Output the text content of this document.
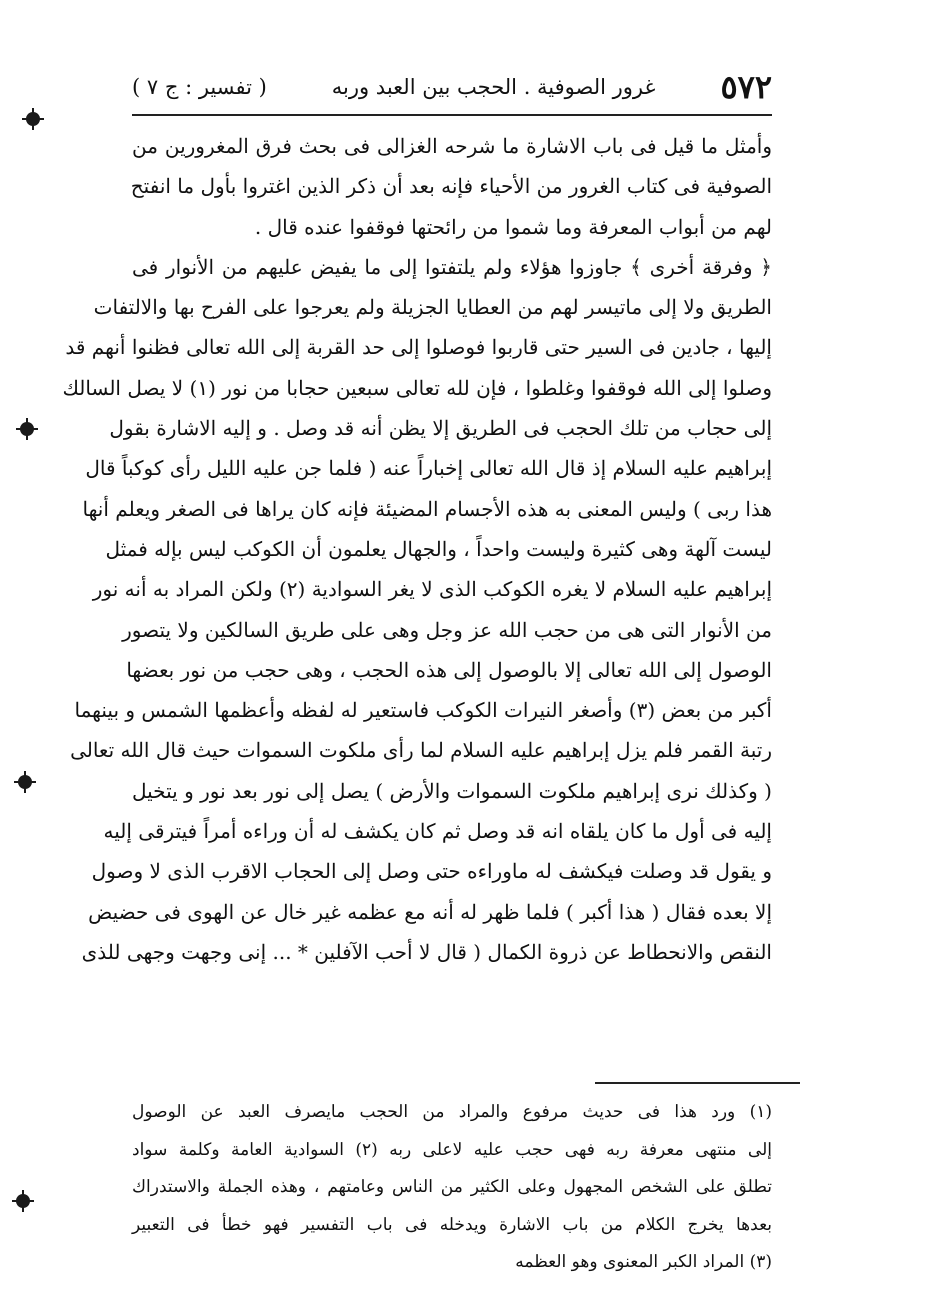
٥٧٢
غرور الصوفية . الحجب بين العبد وربه
( تفسير : ج ٧ )
وأمثل ما قيل فى باب الاشارة ما شرحه الغزالى فى بحث فرق المغرورين من
الصوفية فى كتاب الغرور من الأحياء فإنه بعد أن ذكر الذين اغتروا بأول ما انفتح
لهم من أبواب المعرفة وما شموا من رائحتها فوقفوا عنده قال .
﴿ وفرقة أخرى ﴾ جاوزوا هؤلاء ولم يلتفتوا إلى ما يفيض عليهم من الأنوار فى
الطريق ولا إلى ماتيسر لهم من العطايا الجزيلة ولم يعرجوا على الفرح بها والالتفات
إليها ، جادين فى السير حتى قاربوا فوصلوا إلى حد القربة إلى الله تعالى فظنوا أنهم قد
وصلوا إلى الله فوقفوا وغلطوا ، فإن لله تعالى سبعين حجابا من نور (١) لا يصل السالك
إلى حجاب من تلك الحجب فى الطريق إلا يظن أنه قد وصل . و إليه الاشارة بقول
إبراهيم عليه السلام إذ قال الله تعالى إخباراً عنه ( فلما جن عليه الليل رأى كوكباً قال
هذا ربى ) وليس المعنى به هذه الأجسام المضيئة فإنه كان يراها فى الصغر ويعلم أنها
ليست آلهة وهى كثيرة وليست واحداً ، والجهال يعلمون أن الكوكب ليس بإله فمثل
إبراهيم عليه السلام لا يغره الكوكب الذى لا يغر السوادية (٢) ولكن المراد به أنه نور
من الأنوار التى هى من حجب الله عز وجل وهى على طريق السالكين ولا يتصور
الوصول إلى الله تعالى إلا بالوصول إلى هذه الحجب ، وهى حجب من نور بعضها
أكبر من بعض (٣) وأصغر النيرات الكوكب فاستعير له لفظه وأعظمها الشمس و بينهما
رتبة القمر فلم يزل إبراهيم عليه السلام لما رأى ملكوت السموات حيث قال الله تعالى
( وكذلك نرى إبراهيم ملكوت السموات والأرض ) يصل إلى نور بعد نور و يتخيل
إليه فى أول ما كان يلقاه انه قد وصل ثم كان يكشف له أن وراءه أمراً فيترقى إليه
و يقول قد وصلت فيكشف له ماوراءه حتى وصل إلى الحجاب الاقرب الذى لا وصول
إلا بعده فقال ( هذا أكبر ) فلما ظهر له أنه مع عظمه غير خال عن الهوى فى حضيض
النقص والانحطاط عن ذروة الكمال ( قال لا أحب الآفلين * ... إنى وجهت وجهى للذى
(١) ورد هذا فى حديث مرفوع والمراد من الحجب مايصرف العبد عن الوصول
إلى منتهى معرفة ربه فهى حجب عليه لاعلى ربه (٢) السوادية العامة وكلمة سواد
تطلق على الشخص المجهول وعلى الكثير من الناس وعامتهم ، وهذه الجملة والاستدراك
بعدها يخرج الكلام من باب الاشارة ويدخله فى باب التفسير فهو خطأ فى التعبير
(٣) المراد الكبر المعنوى وهو العظمه
